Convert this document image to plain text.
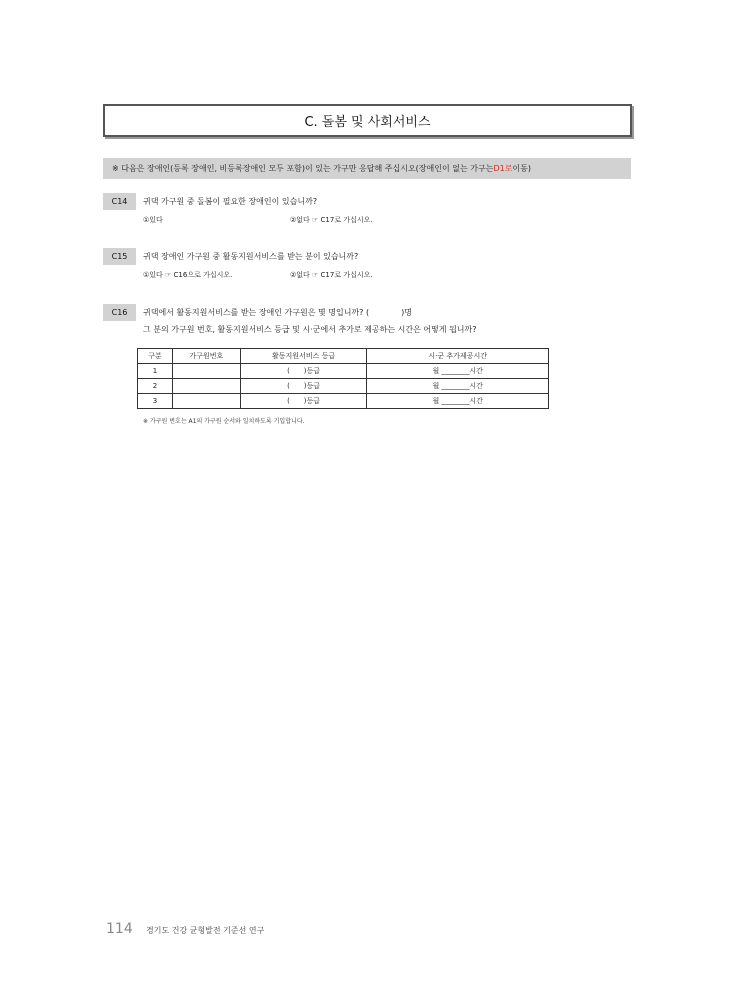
C. 돌봄 및 사회서비스
※ 다음은 장애인(등록 장애인, 비등록장애인 모두 포함)이 있는 가구만 응답해 주십시오(장애인이 없는 가구는 D1로 이동)
C14	귀댁 가구원 중 돌봄이 필요한 장애인이 있습니까?
①있다	②없다 ☞ C17로 가십시오.
C15	귀댁 장애인 가구원 중 활동지원서비스를 받는 분이 있습니까?
①있다 ☞ C16으로 가십시오.	②없다 ☞ C17로 가십시오.
C16	귀댁에서 활동지원서비스를 받는 장애인 가구원은 몇 명입니까? (　　　　)명
그 분의 가구원 번호, 활동지원서비스 등급 및 시·군에서 추가로 제공하는 시간은 어떻게 됩니까?
구분	가구원번호	활동지원서비스 등급	시·군 추가제공시간
1		(　　)등급	월 ________시간
2		(　　)등급	월 ________시간
3		(　　)등급	월 ________시간
※ 가구원 번호는 A1의 가구원 순서와 일치하도록 기입합니다.
114 경기도 건강 균형발전 기준선 연구
